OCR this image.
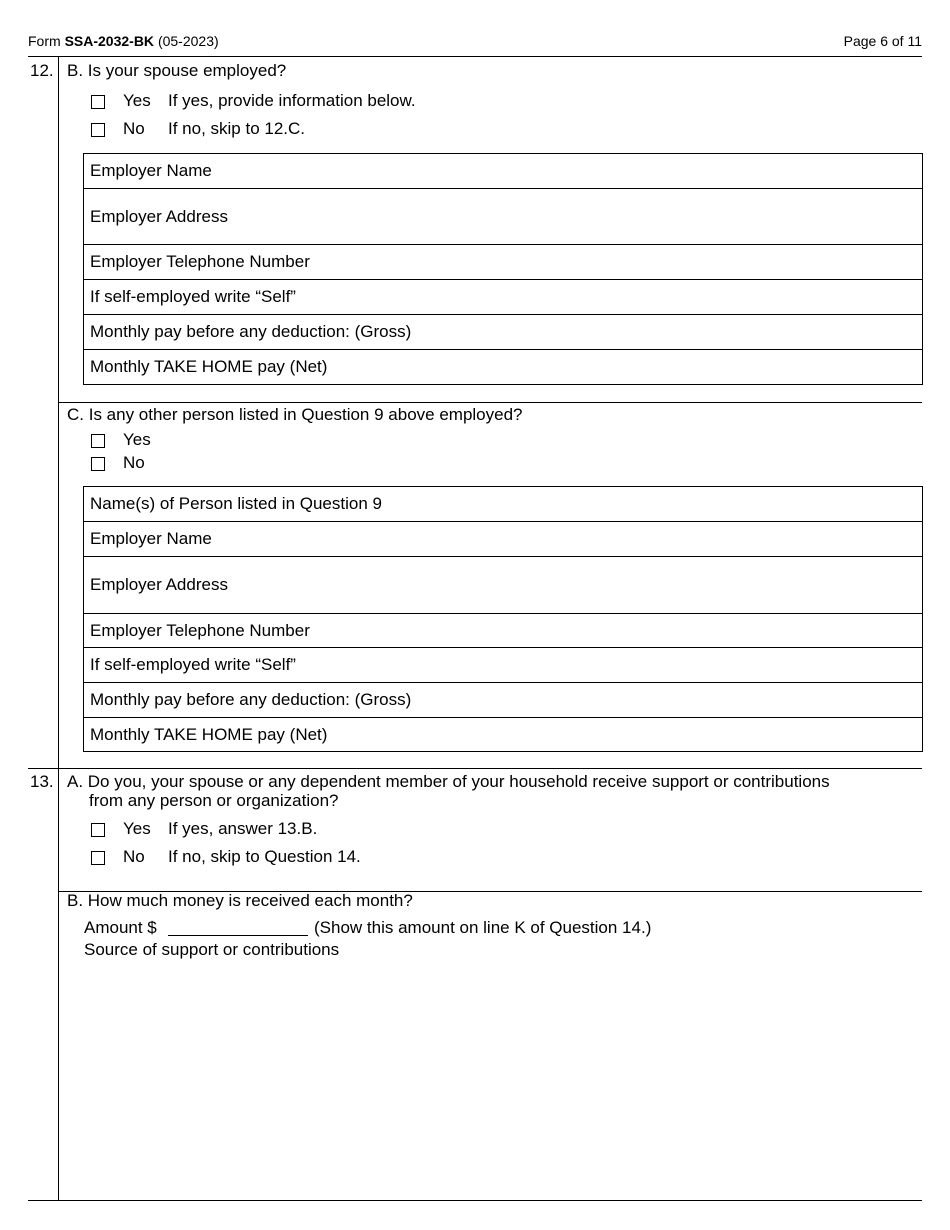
Form SSA-2032-BK (05-2023)	Page 6 of 11
12. B. Is your spouse employed?
Yes If yes, provide information below.
No If no, skip to 12.C.
Employer Name
Employer Address
Employer Telephone Number
If self-employed write “Self”
Monthly pay before any deduction: (Gross)
Monthly TAKE HOME pay (Net)
C. Is any other person listed in Question 9 above employed?
Yes
No
Name(s) of Person listed in Question 9
Employer Name
Employer Address
Employer Telephone Number
If self-employed write “Self”
Monthly pay before any deduction: (Gross)
Monthly TAKE HOME pay (Net)
13. A. Do you, your spouse or any dependent member of your household receive support or contributions
from any person or organization?
Yes If yes, answer 13.B.
No If no, skip to Question 14.
B. How much money is received each month?
Amount $	(Show this amount on line K of Question 14.)
Source of support or contributions
